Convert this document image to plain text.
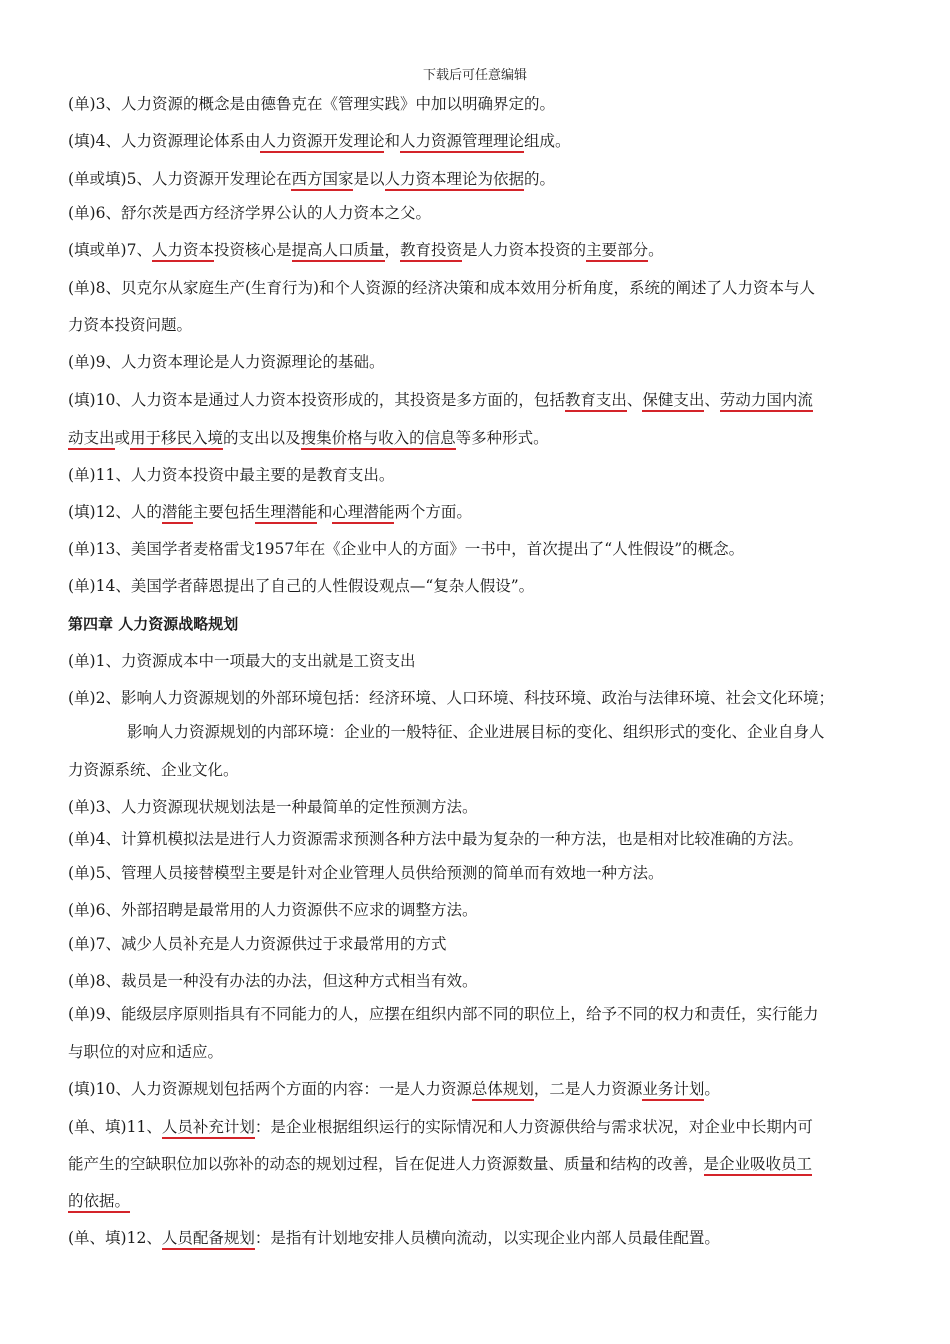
下载后可任意编辑
(单)3、人力资源的概念是由德鲁克在《管理实践》中加以明确界定的。
(填)4、人力资源理论体系由人力资源开发理论和人力资源管理理论组成。
(单或填)5、人力资源开发理论在西方国家是以人力资本理论为依据的。
(单)6、舒尔茨是西方经济学界公认的人力资本之父。
(填或单)7、人力资本投资核心是提高人口质量，教育投资是人力资本投资的主要部分。
(单)8、贝克尔从家庭生产(生育行为)和个人资源的经济决策和成本效用分析角度，系统的阐述了人力资本与人
力资本投资问题。
(单)9、人力资本理论是人力资源理论的基础。
(填)10、人力资本是通过人力资本投资形成的，其投资是多方面的，包括教育支出、保健支出、劳动力国内流
动支出或用于移民入境的支出以及搜集价格与收入的信息等多种形式。
(单)11、人力资本投资中最主要的是教育支出。
(填)12、人的潜能主要包括生理潜能和心理潜能两个方面。
(单)13、美国学者麦格雷戈1957年在《企业中人的方面》一书中，首次提出了“人性假设”的概念。
(单)14、美国学者薛恩提出了自己的人性假设观点—“复杂人假设”。
第四章 人力资源战略规划
(单)1、力资源成本中一项最大的支出就是工资支出
(单)2、影响人力资源规划的外部环境包括：经济环境、人口环境、科技环境、政治与法律环境、社会文化环境；
影响人力资源规划的内部环境：企业的一般特征、企业进展目标的变化、组织形式的变化、企业自身人
力资源系统、企业文化。
(单)3、人力资源现状规划法是一种最简单的定性预测方法。
(单)4、计算机模拟法是进行人力资源需求预测各种方法中最为复杂的一种方法，也是相对比较准确的方法。
(单)5、管理人员接替模型主要是针对企业管理人员供给预测的简单而有效地一种方法。
(单)6、外部招聘是最常用的人力资源供不应求的调整方法。
(单)7、减少人员补充是人力资源供过于求最常用的方式
(单)8、裁员是一种没有办法的办法，但这种方式相当有效。
(单)9、能级层序原则指具有不同能力的人，应摆在组织内部不同的职位上，给予不同的权力和责任，实行能力
与职位的对应和适应。
(填)10、人力资源规划包括两个方面的内容：一是人力资源总体规划，二是人力资源业务计划。
(单、填)11、人员补充计划：是企业根据组织运行的实际情况和人力资源供给与需求状况，对企业中长期内可
能产生的空缺职位加以弥补的动态的规划过程，旨在促进人力资源数量、质量和结构的改善，是企业吸收员工
的依据。
(单、填)12、人员配备规划：是指有计划地安排人员横向流动，以实现企业内部人员最佳配置。
